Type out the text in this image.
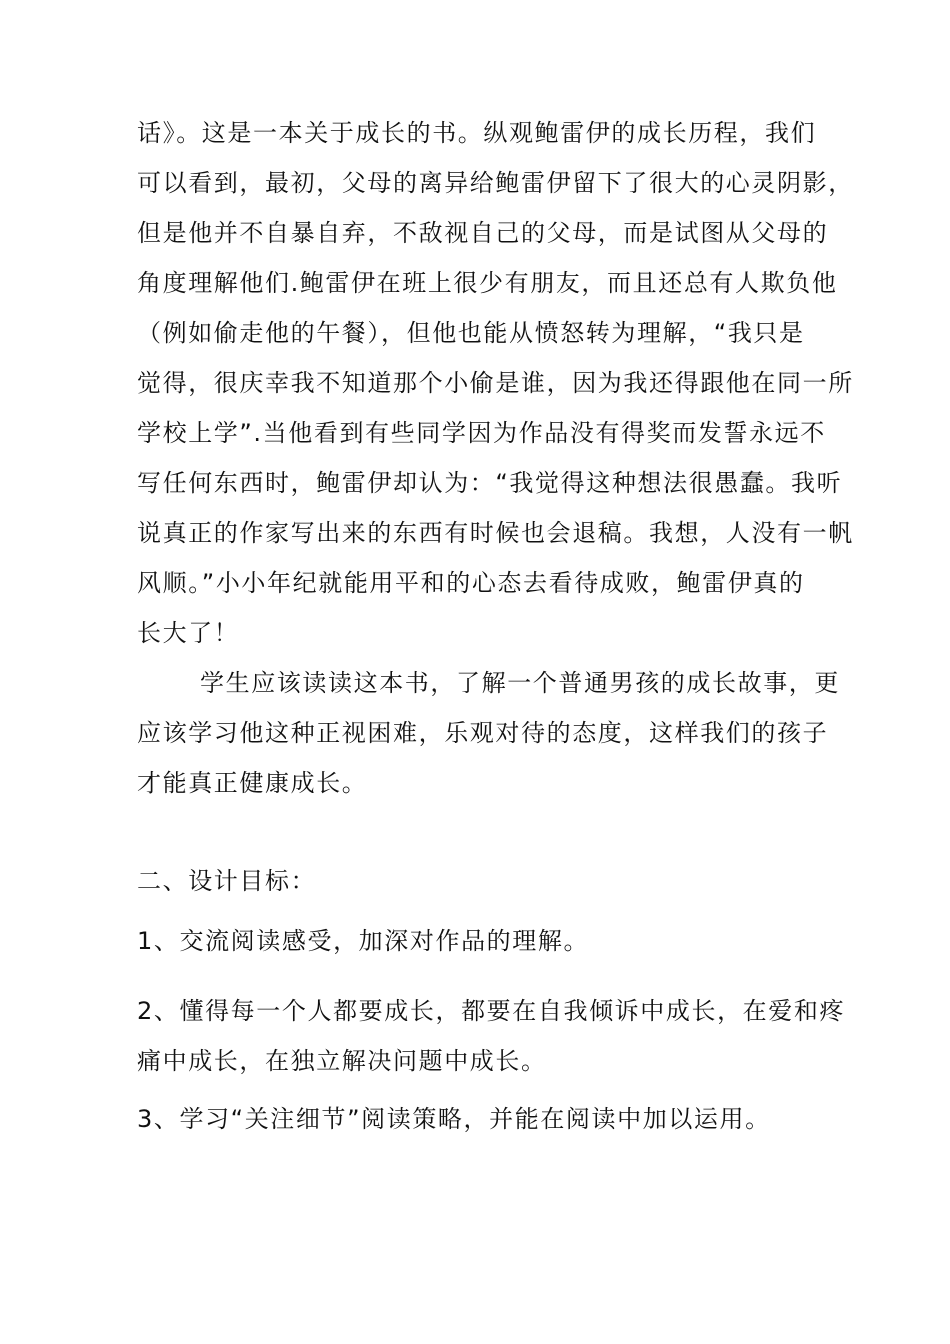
话》。这是一本关于成长的书。纵观鲍雷伊的成长历程，我们
可以看到，最初，父母的离异给鲍雷伊留下了很大的心灵阴影，
但是他并不自暴自弃，不敌视自己的父母，而是试图从父母的
角度理解他们.鲍雷伊在班上很少有朋友，而且还总有人欺负他
（例如偷走他的午餐），但他也能从愤怒转为理解，“我只是
觉得，很庆幸我不知道那个小偷是谁，因为我还得跟他在同一所
学校上学”.当他看到有些同学因为作品没有得奖而发誓永远不
写任何东西时，鲍雷伊却认为：“我觉得这种想法很愚蠢。我听
说真正的作家写出来的东西有时候也会退稿。我想，人没有一帆
风顺。”小小年纪就能用平和的心态去看待成败，鲍雷伊真的
长大了！
学生应该读读这本书，了解一个普通男孩的成长故事，更
应该学习他这种正视困难，乐观对待的态度，这样我们的孩子
才能真正健康成长。
二、设计目标：
1、交流阅读感受，加深对作品的理解。
2、懂得每一个人都要成长，都要在自我倾诉中成长，在爱和疼
痛中成长，在独立解决问题中成长。
3、学习“关注细节”阅读策略，并能在阅读中加以运用。
